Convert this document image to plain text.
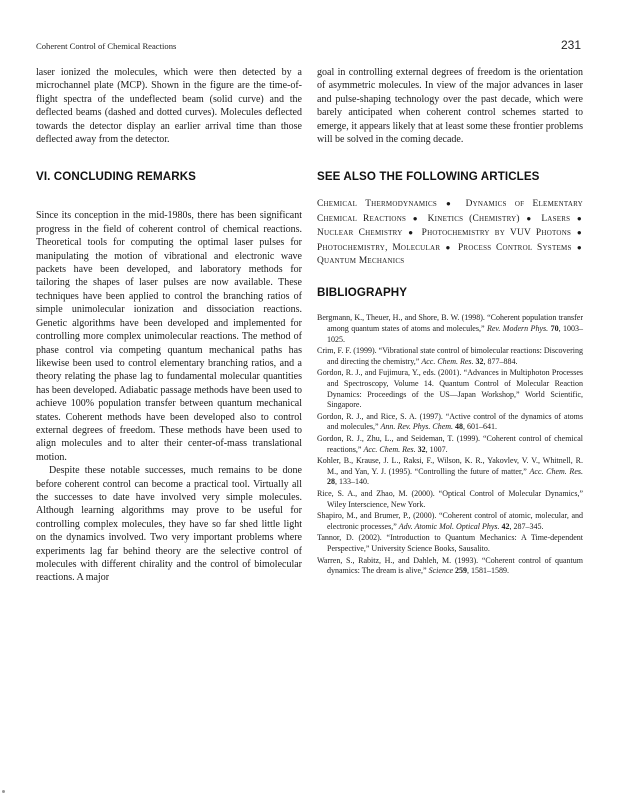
Coherent Control of Chemical Reactions	231

laser ionized the molecules, which were then detected by a microchannel plate (MCP). Shown in the figure are the time-of-flight spectra of the undeflected beam (solid curve) and the deflected beams (dashed and dotted curves). Molecules deflected towards the detector display an earlier arrival time than those deflected away from the detector.

VI. CONCLUDING REMARKS

Since its conception in the mid-1980s, there has been significant progress in the field of coherent control of chemical reactions. Theoretical tools for computing the optimal laser pulses for manipulating the motion of vibrational and electronic wave packets have been developed, and laboratory methods for tailoring the shapes of laser pulses are now available. These techniques have been applied to control the branching ratios of simple unimolecular ionization and dissociation reactions. Genetic algorithms have been developed and implemented for controlling more complex unimolecular reactions. The method of phase control via competing quantum mechanical paths has likewise been used to control elementary branching ratios, and a theory relating the phase lag to fundamental molecular quantities has been developed. Adiabatic passage methods have been used to achieve 100% population transfer between quantum mechanical states. Coherent methods have been developed also to control external degrees of freedom. These methods have been used to align molecules and to alter their center-of-mass translational motion.

Despite these notable successes, much remains to be done before coherent control can become a practical tool. Virtually all the successes to date have involved very simple molecules. Although learning algorithms may prove to be useful for controlling complex molecules, they have so far shed little light on the dynamics involved. Two very important problems where experiments lag far behind theory are the selective control of molecules with different chirality and the control of bimolecular reactions. A major

goal in controlling external degrees of freedom is the orientation of asymmetric molecules. In view of the major advances in laser and pulse-shaping technology over the past decade, which were barely anticipated when coherent control schemes started to emerge, it appears likely that at least some these frontier problems will be solved in the coming decade.

SEE ALSO THE FOLLOWING ARTICLES

Chemical Thermodynamics ● Dynamics of Elementary Chemical Reactions ● Kinetics (Chemistry) ● Lasers ● Nuclear Chemistry ● Photochemistry by VUV Photons ● Photochemistry, Molecular ● Process Control Systems ● Quantum Mechanics

BIBLIOGRAPHY
Bergmann, K., Theuer, H., and Shore, B. W. (1998). “Coherent population transfer among quantum states of atoms and molecules,” Rev. Modern Phys. 70, 1003–1025.
Crim, F. F. (1999). “Vibrational state control of bimolecular reactions: Discovering and directing the chemistry,” Acc. Chem. Res. 32, 877–884.
Gordon, R. J., and Fujimura, Y., eds. (2001). “Advances in Multiphoton Processes and Spectroscopy, Volume 14. Quantum Control of Molecular Reaction Dynamics: Proceedings of the US—Japan Workshop,” World Scientific, Singapore.
Gordon, R. J., and Rice, S. A. (1997). “Active control of the dynamics of atoms and molecules,” Ann. Rev. Phys. Chem. 48, 601–641.
Gordon, R. J., Zhu, L., and Seideman, T. (1999). “Coherent control of chemical reactions,” Acc. Chem. Res. 32, 1007.
Kohler, B., Krause, J. L., Raksi, F., Wilson, K. R., Yakovlev, V. V., Whitnell, R. M., and Yan, Y. J. (1995). “Controlling the future of matter,” Acc. Chem. Res. 28, 133–140.
Rice, S. A., and Zhao, M. (2000). “Optical Control of Molecular Dynamics,” Wiley Interscience, New York.
Shapiro, M., and Brumer, P., (2000). “Coherent control of atomic, molecular, and electronic processes,” Adv. Atomic Mol. Optical Phys. 42, 287–345.
Tannor, D. (2002). “Introduction to Quantum Mechanics: A Time-dependent Perspective,” University Science Books, Sausalito.
Warren, S., Rabitz, H., and Dahleh, M. (1993). “Coherent control of quantum dynamics: The dream is alive,” Science 259, 1581–1589.
